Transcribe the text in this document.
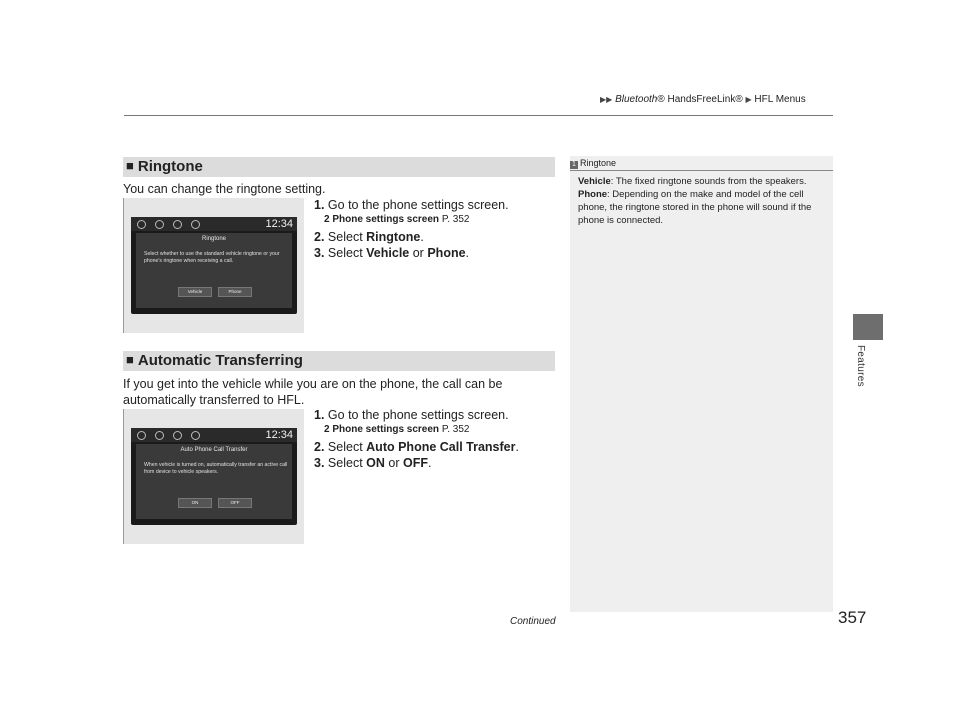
▶▶ Bluetooth® HandsFreeLink® ▶ HFL Menus
Features
■ Ringtone
You can change the ringtone setting.
12:34
Ringtone
Select whether to use the standard vehicle ringtone or your phone's ringtone when receiving a call.
Vehicle	Phone
1. Go to the phone settings screen.
2 Phone settings screen P. 352
2. Select Ringtone.
3. Select Vehicle or Phone.
■ Automatic Transferring
If you get into the vehicle while you are on the phone, the call can be automatically transferred to HFL.
12:34
Auto Phone Call Transfer
When vehicle is turned on, automatically transfer an active call from device to vehicle speakers.
ON	OFF
1. Go to the phone settings screen.
2 Phone settings screen P. 352
2. Select Auto Phone Call Transfer.
3. Select ON or OFF.
1 Ringtone
Vehicle: The fixed ringtone sounds from the speakers.
Phone: Depending on the make and model of the cell phone, the ringtone stored in the phone will sound if the phone is connected.
Continued	357
